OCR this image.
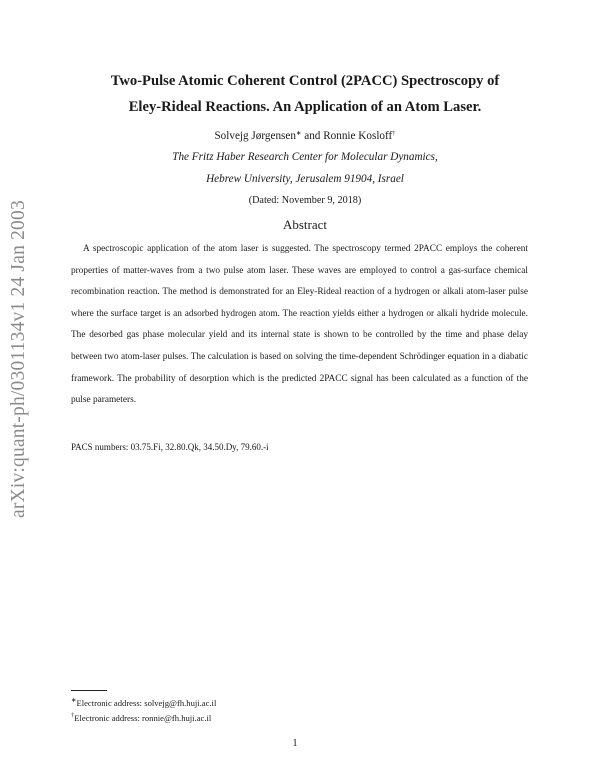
arXiv:quant-ph/0301134v1 24 Jan 2003
Two-Pulse Atomic Coherent Control (2PACC) Spectroscopy of
Eley-Rideal Reactions. An Application of an Atom Laser.
Solvejg Jørgensen∗ and Ronnie Kosloff†
The Fritz Haber Research Center for Molecular Dynamics,
Hebrew University, Jerusalem 91904, Israel
(Dated: November 9, 2018)
Abstract

A spectroscopic application of the atom laser is suggested. The spectroscopy termed 2PACC employs the coherent properties of matter-waves from a two pulse atom laser. These waves are employed to control a gas-surface chemical recombination reaction. The method is demonstrated for an Eley-Rideal reaction of a hydrogen or alkali atom-laser pulse where the surface target is an adsorbed hydrogen atom. The reaction yields either a hydrogen or alkali hydride molecule. The desorbed gas phase molecular yield and its internal state is shown to be controlled by the time and phase delay between two atom-laser pulses. The calculation is based on solving the time-dependent Schrödinger equation in a diabatic framework. The probability of desorption which is the predicted 2PACC signal has been calculated as a function of the pulse parameters.

PACS numbers: 03.75.Fi, 32.80.Qk, 34.50.Dy, 79.60.-i
∗Electronic address: solvejg@fh.huji.ac.il
†Electronic address: ronnie@fh.huji.ac.il
1
